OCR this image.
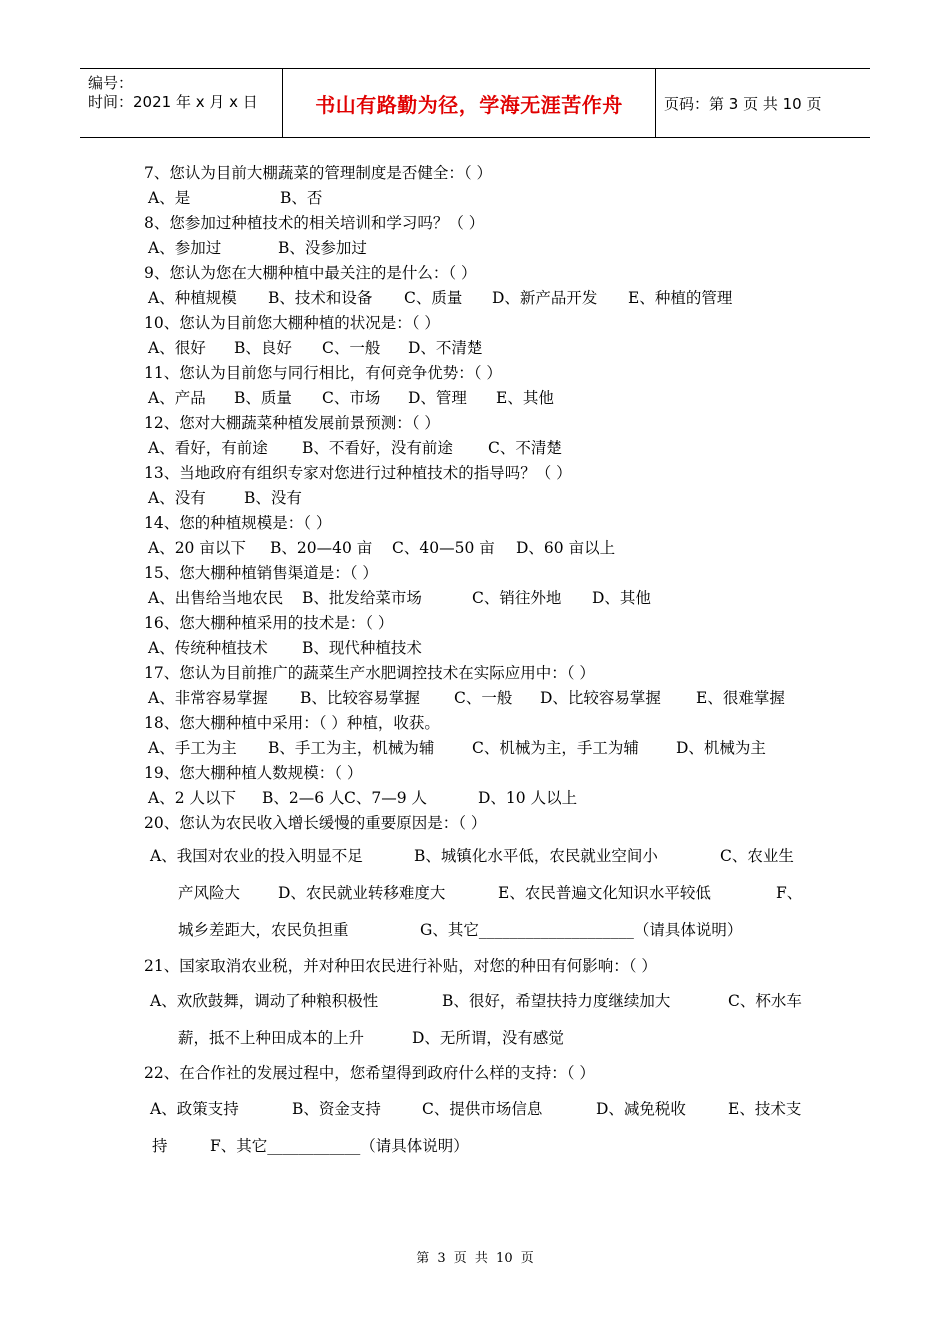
编号：
时间：2021 年 x 月 x 日	书山有路勤为径，学海无涯苦作舟	页码：第 3 页 共 10 页
7、您认为目前大棚蔬菜的管理制度是否健全：（ ）
A、是	B、否
8、您参加过种植技术的相关培训和学习吗？（ ）
A、参加过	B、没参加过
9、您认为您在大棚种植中最关注的是什么：（ ）
A、种植规模 B、技术和设备 C、质量 D、新产品开发 E、种植的管理
10、您认为目前您大棚种植的状况是：（ ）
A、很好 B、良好 C、一般 D、不清楚
11、您认为目前您与同行相比，有何竞争优势：（ ）
A、产品 B、质量 C、市场 D、管理 E、其他
12、您对大棚蔬菜种植发展前景预测：（ ）
A、看好，有前途 B、不看好，没有前途 C、不清楚
13、当地政府有组织专家对您进行过种植技术的指导吗？（ ）
A、没有 B、没有
14、您的种植规模是：（ ）
A、20 亩以下 B、20—40 亩 C、40—50 亩 D、60 亩以上
15、您大棚种植销售渠道是：（ ）
A、出售给当地农民 B、批发给菜市场	C、销往外地 D、其他
16、您大棚种植采用的技术是：（ ）
A、传统种植技术 B、现代种植技术
17、您认为目前推广的蔬菜生产水肥调控技术在实际应用中：（ ）
A、非常容易掌握 B、比较容易掌握 C、一般 D、比较容易掌握 E、很难掌握
18、您大棚种植中采用：（ ）种植，收获。
A、手工为主 B、手工为主，机械为辅 C、机械为主，手工为辅 D、机械为主
19、您大棚种植人数规模：（ ）
A、2 人以下 B、2—6 人 C、7—9 人	D、10 人以上
20、您认为农民收入增长缓慢的重要原因是：（ ）
A、我国对农业的投入明显不足	B、城镇化水平低，农民就业空间小	C、农业生
产风险大 D、农民就业转移难度大	E、农民普遍文化知识水平较低	F、
城乡差距大，农民负担重	G、其它____________________（请具体说明）
21、国家取消农业税，并对种田农民进行补贴，对您的种田有何影响：（ ）
A、欢欣鼓舞，调动了种粮积极性	B、很好，希望扶持力度继续加大	C、杯水车
薪，抵不上种田成本的上升	D、无所谓，没有感觉
22、在合作社的发展过程中，您希望得到政府什么样的支持：（ ）
A、政策支持	B、资金支持	C、提供市场信息	D、减免税收	E、技术支
持	F、其它____________（请具体说明）
第 3 页 共 10 页
